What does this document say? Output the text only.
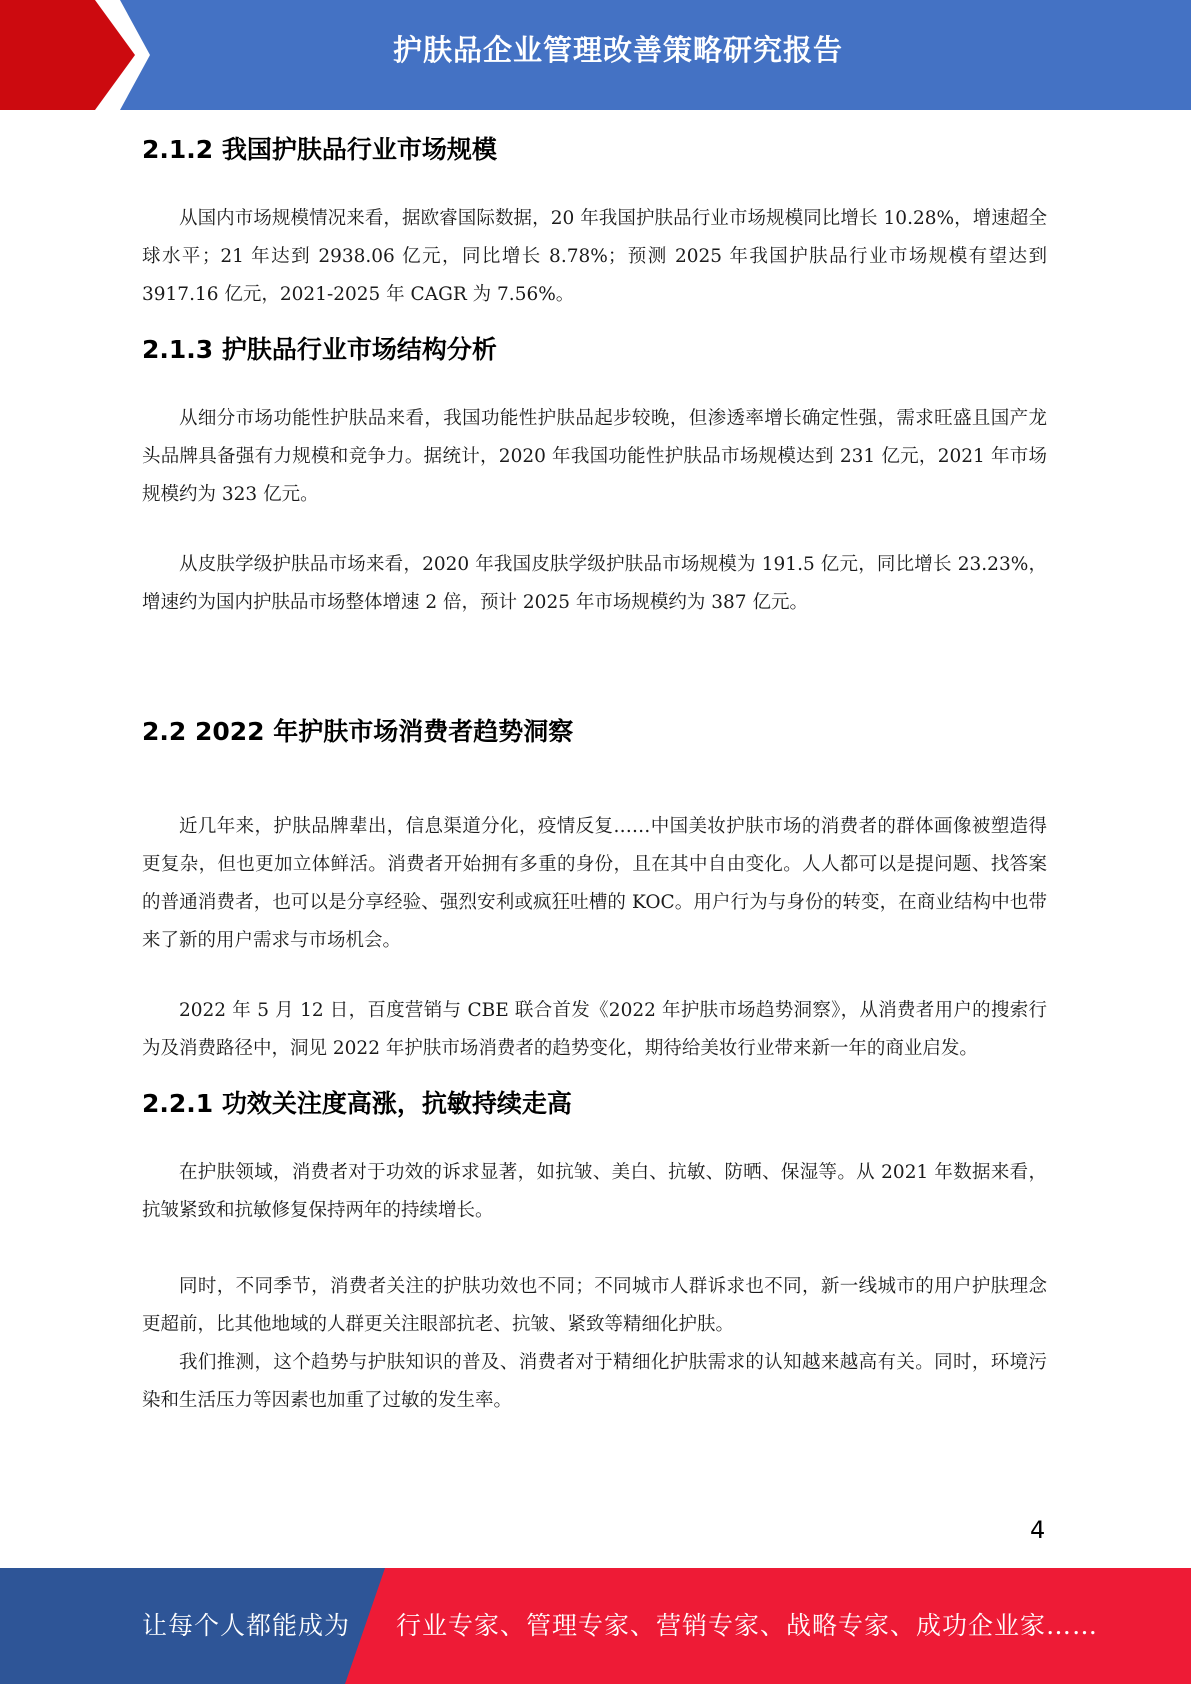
护肤品企业管理改善策略研究报告
2.1.2 我国护肤品行业市场规模

从国内市场规模情况来看，据欧睿国际数据，20 年我国护肤品行业市场规模同比增长 10.28%，增速超全球水平；21 年达到 2938.06 亿元，同比增长 8.78%；预测 2025 年我国护肤品行业市场规模有望达到 3917.16 亿元，2021-2025 年 CAGR 为 7.56%。

2.1.3 护肤品行业市场结构分析

从细分市场功能性护肤品来看，我国功能性护肤品起步较晚，但渗透率增长确定性强，需求旺盛且国产龙头品牌具备强有力规模和竞争力。据统计，2020 年我国功能性护肤品市场规模达到 231 亿元，2021 年市场规模约为 323 亿元。

从皮肤学级护肤品市场来看，2020 年我国皮肤学级护肤品市场规模为 191.5 亿元，同比增长 23.23%，增速约为国内护肤品市场整体增速 2 倍，预计 2025 年市场规模约为 387 亿元。

2.2 2022 年护肤市场消费者趋势洞察

近几年来，护肤品牌辈出，信息渠道分化，疫情反复……中国美妆护肤市场的消费者的群体画像被塑造得更复杂，但也更加立体鲜活。消费者开始拥有多重的身份，且在其中自由变化。人人都可以是提问题、找答案的普通消费者，也可以是分享经验、强烈安利或疯狂吐槽的 KOC。用户行为与身份的转变，在商业结构中也带来了新的用户需求与市场机会。

2022 年 5 月 12 日，百度营销与 CBE 联合首发《2022 年护肤市场趋势洞察》，从消费者用户的搜索行为及消费路径中，洞见 2022 年护肤市场消费者的趋势变化，期待给美妆行业带来新一年的商业启发。

2.2.1 功效关注度高涨，抗敏持续走高

在护肤领域，消费者对于功效的诉求显著，如抗皱、美白、抗敏、防晒、保湿等。从 2021 年数据来看，抗皱紧致和抗敏修复保持两年的持续增长。

同时，不同季节，消费者关注的护肤功效也不同；不同城市人群诉求也不同，新一线城市的用户护肤理念更超前，比其他地域的人群更关注眼部抗老、抗皱、紧致等精细化护肤。

我们推测，这个趋势与护肤知识的普及、消费者对于精细化护肤需求的认知越来越高有关。同时，环境污染和生活压力等因素也加重了过敏的发生率。

4
让每个人都能成为 行业专家、管理专家、营销专家、战略专家、成功企业家……
